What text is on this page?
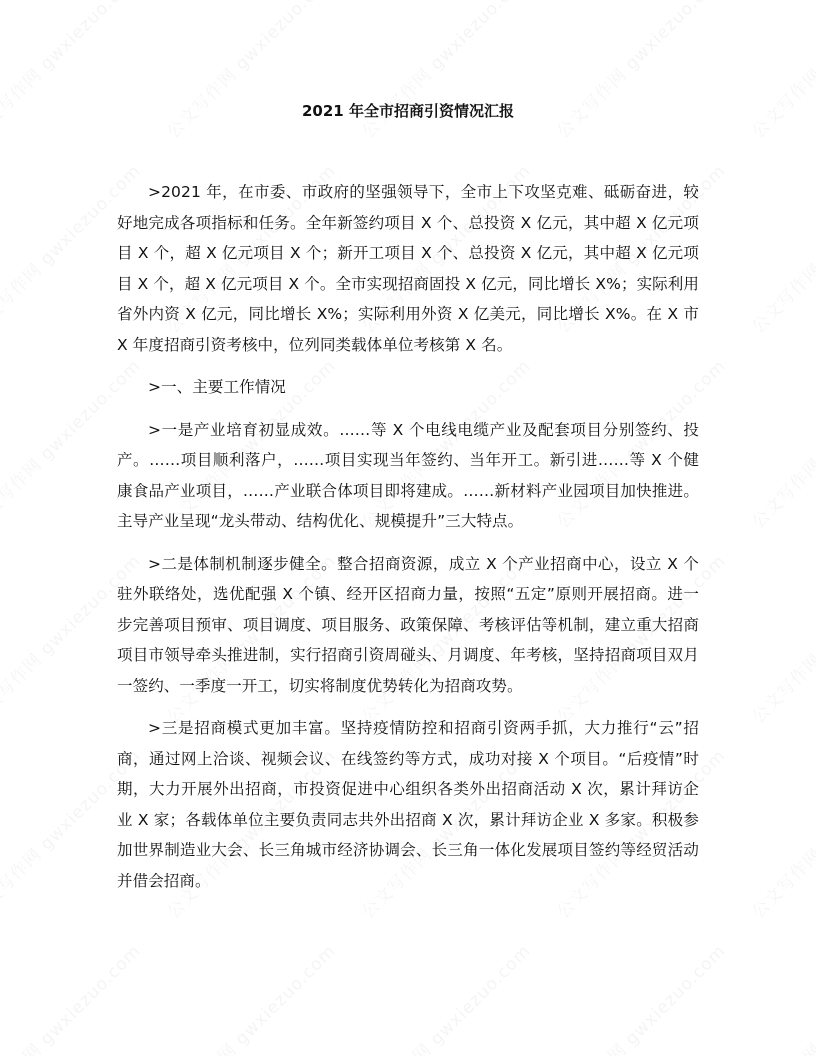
2021 年全市招商引资情况汇报

>2021 年，在市委、市政府的坚强领导下，全市上下攻坚克难、砥砺奋进，较好地完成各项指标和任务。全年新签约项目 X 个、总投资 X 亿元，其中超 X 亿元项目 X 个，超 X 亿元项目 X 个；新开工项目 X 个、总投资 X 亿元，其中超 X 亿元项目 X 个，超 X 亿元项目 X 个。全市实现招商固投 X 亿元，同比增长 X%；实际利用省外内资 X 亿元，同比增长 X%；实际利用外资 X 亿美元，同比增长 X%。在 X 市 X 年度招商引资考核中，位列同类载体单位考核第 X 名。

>一、主要工作情况

>一是产业培育初显成效。……等 X 个电线电缆产业及配套项目分别签约、投产。……项目顺利落户，……项目实现当年签约、当年开工。新引进……等 X 个健康食品产业项目，……产业联合体项目即将建成。……新材料产业园项目加快推进。主导产业呈现“龙头带动、结构优化、规模提升”三大特点。

>二是体制机制逐步健全。整合招商资源，成立 X 个产业招商中心，设立 X 个驻外联络处，选优配强 X 个镇、经开区招商力量，按照“五定”原则开展招商。进一步完善项目预审、项目调度、项目服务、政策保障、考核评估等机制，建立重大招商项目市领导牵头推进制，实行招商引资周碰头、月调度、年考核，坚持招商项目双月一签约、一季度一开工，切实将制度优势转化为招商攻势。

>三是招商模式更加丰富。坚持疫情防控和招商引资两手抓，大力推行“云”招商，通过网上洽谈、视频会议、在线签约等方式，成功对接 X 个项目。“后疫情”时期，大力开展外出招商，市投资促进中心组织各类外出招商活动 X 次，累计拜访企业 X 家；各载体单位主要负责同志共外出招商 X 次，累计拜访企业 X 多家。积极参加世界制造业大会、长三角城市经济协调会、长三角一体化发展项目签约等经贸活动并借会招商。
